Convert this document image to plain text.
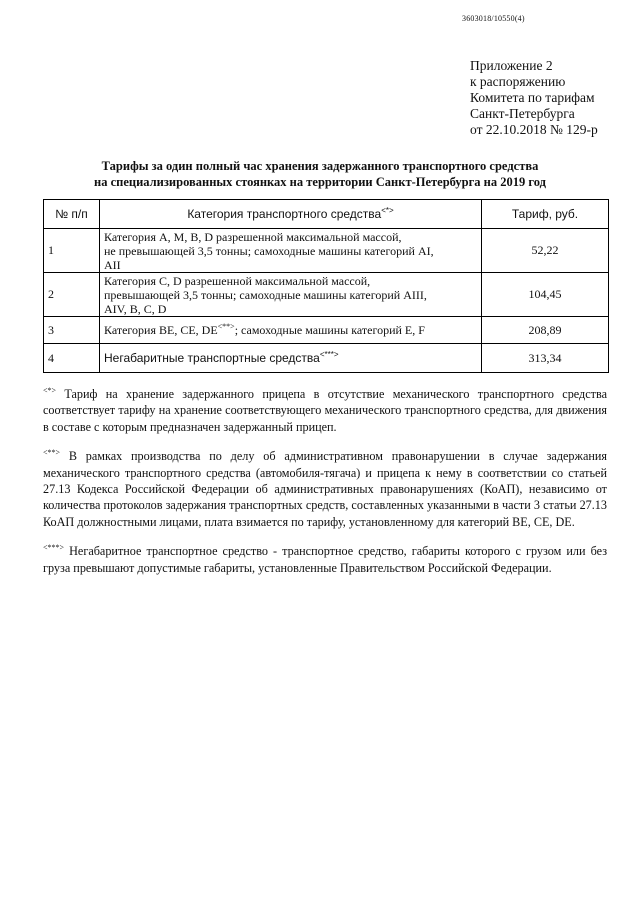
3603018/10550(4)
Приложение 2
к распоряжению
Комитета по тарифам
Санкт-Петербурга
от 22.10.2018 № 129-р
Тарифы за один полный час хранения задержанного транспортного средства
на специализированных стоянках на территории Санкт-Петербурга на 2019 год
№ п/п	Категория транспортного средства<*>	Тариф, руб.
1	Категория A, M, B, D разрешенной максимальной массой,
не превышающей 3,5 тонны; самоходные машины категорий AI,
AII	52,22
2	Категория C, D разрешенной максимальной массой,
превышающей 3,5 тонны; самоходные машины категорий AIII,
AIV, B, C, D	104,45
3	Категория BE, CE, DE<**>; самоходные машины категорий E, F	208,89
4	Негабаритные транспортные средства<***>	313,34

<*> Тариф на хранение задержанного прицепа в отсутствие механического транспортного средства соответствует тарифу на хранение соответствующего механического транспортного средства, для движения в составе с которым предназначен задержанный прицеп.

<**> В рамках производства по делу об административном правонарушении в случае задержания механического транспортного средства (автомобиля-тягача) и прицепа к нему в соответствии со статьей 27.13 Кодекса Российской Федерации об административных правонарушениях (КоАП), независимо от количества протоколов задержания транспортных средств, составленных указанными в части 3 статьи 27.13 КоАП должностными лицами, плата взимается по тарифу, установленному для категорий BE, CE, DE.

<***> Негабаритное транспортное средство - транспортное средство, габариты которого с грузом или без груза превышают допустимые габариты, установленные Правительством Российской Федерации.
